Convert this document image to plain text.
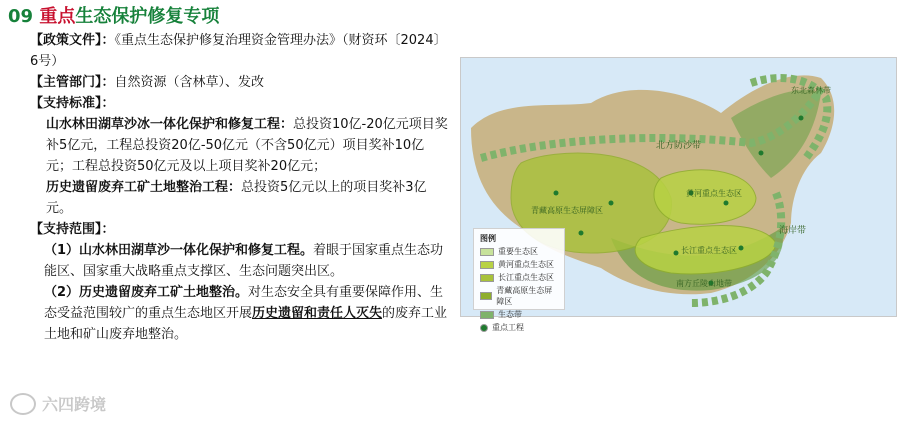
09 重点生态保护修复专项

【政策文件】：《重点生态保护修复治理资金管理办法》（财资环〔2024〕6号）

【主管部门】：自然资源（含林草）、发改

【支持标准】：

山水林田湖草沙冰一体化保护和修复工程：总投资10亿-20亿元项目奖补5亿元，工程总投资20亿-50亿元（不含50亿元）项目奖补10亿元；工程总投资50亿元及以上项目奖补20亿元；

历史遗留废弃工矿土地整治工程：总投资5亿元以上的项目奖补3亿元。

【支持范围】：

（1）山水林田湖草沙一体化保护和修复工程。着眼于国家重点生态功能区、国家重大战略重点支撑区、生态问题突出区。

（2）历史遗留废弃工矿土地整治。对生态安全具有重要保障作用、生态受益范围较广的重点生态地区开展历史遗留和责任人灭失的废弃工业土地和矿山废弃地整治。

北方防沙带
青藏高原生态屏障区
黄河重点生态区
长江重点生态区
南方丘陵山地带
海岸带
东北森林带
图例
重要生态区
黄河重点生态区
长江重点生态区
青藏高原生态屏障区
生态带
重点工程
六四跨境
